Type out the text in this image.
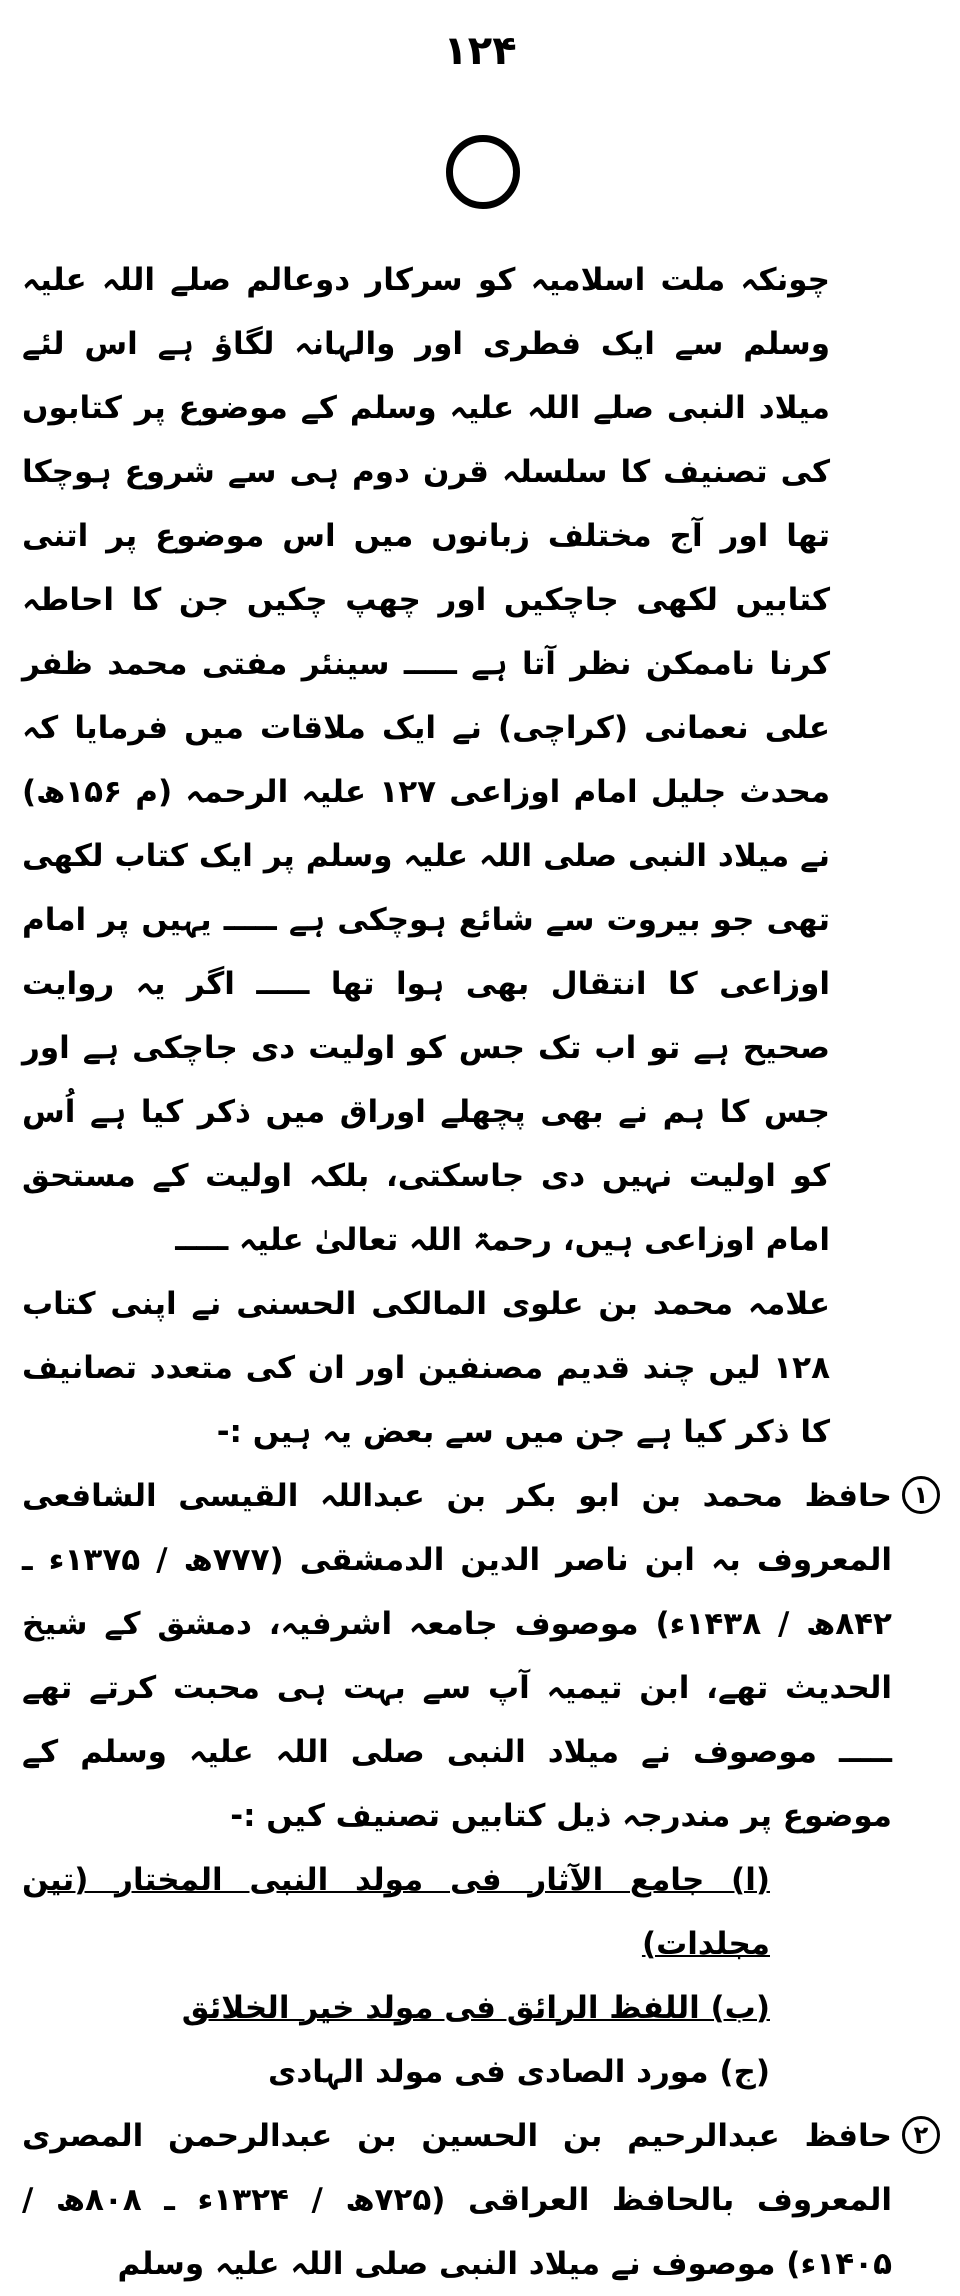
۱۲۴

چونکہ ملت اسلامیہ کو سرکار دوعالم صلے اللہ علیہ وسلم سے ایک فطری اور والہانہ لگاؤ ہے اس لئے میلاد النبی صلے اللہ علیہ وسلم کے موضوع پر کتابوں کی تصنیف کا سلسلہ قرن دوم ہی سے شروع ہوچکا تھا اور آج مختلف زبانوں میں اس موضوع پر اتنی کتابیں لکھی جاچکیں اور چھپ چکیں جن کا احاطہ کرنا ناممکن نظر آتا ہے ـــــ سینئر مفتی محمد ظفر علی نعمانی (کراچی) نے ایک ملاقات میں فرمایا کہ محدث جلیل امام اوزاعی ۱۲۷ علیہ الرحمہ (م ۱۵۶ھ) نے میلاد النبی صلی اللہ علیہ وسلم پر ایک کتاب لکھی تھی جو بیروت سے شائع ہوچکی ہے ـــــ یہیں پر امام اوزاعی کا انتقال بھی ہوا تھا ـــــ اگر یہ روایت صحیح ہے تو اب تک جس کو اولیت دی جاچکی ہے اور جس کا ہم نے بھی پچھلے اوراق میں ذکر کیا ہے اُس کو اولیت نہیں دی جاسکتی، بلکہ اولیت کے مستحق امام اوزاعی ہیں، رحمۃ اللہ تعالیٰ علیہ ـــــ

علامہ محمد بن علوی المالکی الحسنی نے اپنی کتاب ۱۲۸ لیں چند قدیم مصنفین اور ان کی متعدد تصانیف کا ذکر کیا ہے جن میں سے بعض یہ ہیں :-

۱

حافظ محمد بن ابو بکر بن عبداللہ القیسی الشافعی المعروف بہ ابن ناصر الدین الدمشقی (۷۷۷ھ / ۱۳۷۵ء ـ ۸۴۲ھ / ۱۴۳۸ء) موصوف جامعہ اشرفیہ، دمشق کے شیخ الحدیث تھے، ابن تیمیہ آپ سے بہت ہی محبت کرتے تھے ـــــ موصوف نے میلاد النبی صلی اللہ علیہ وسلم کے موضوع پر مندرجہ ذیل کتابیں تصنیف کیں :-

(ا) جامع الآثار فی مولد النبی المختار (تین مجلدات)
(ب) اللفظ الرائق فی مولد خیر الخلائق
(ج) مورد الصادی فی مولد الہادی
۲

حافظ عبدالرحیم بن الحسین بن عبدالرحمن المصری المعروف بالحافظ العراقی (۷۲۵ھ / ۱۳۲۴ء ـ ۸۰۸ھ / ۱۴۰۵ء) موصوف نے میلاد النبی صلی اللہ علیہ وسلم
